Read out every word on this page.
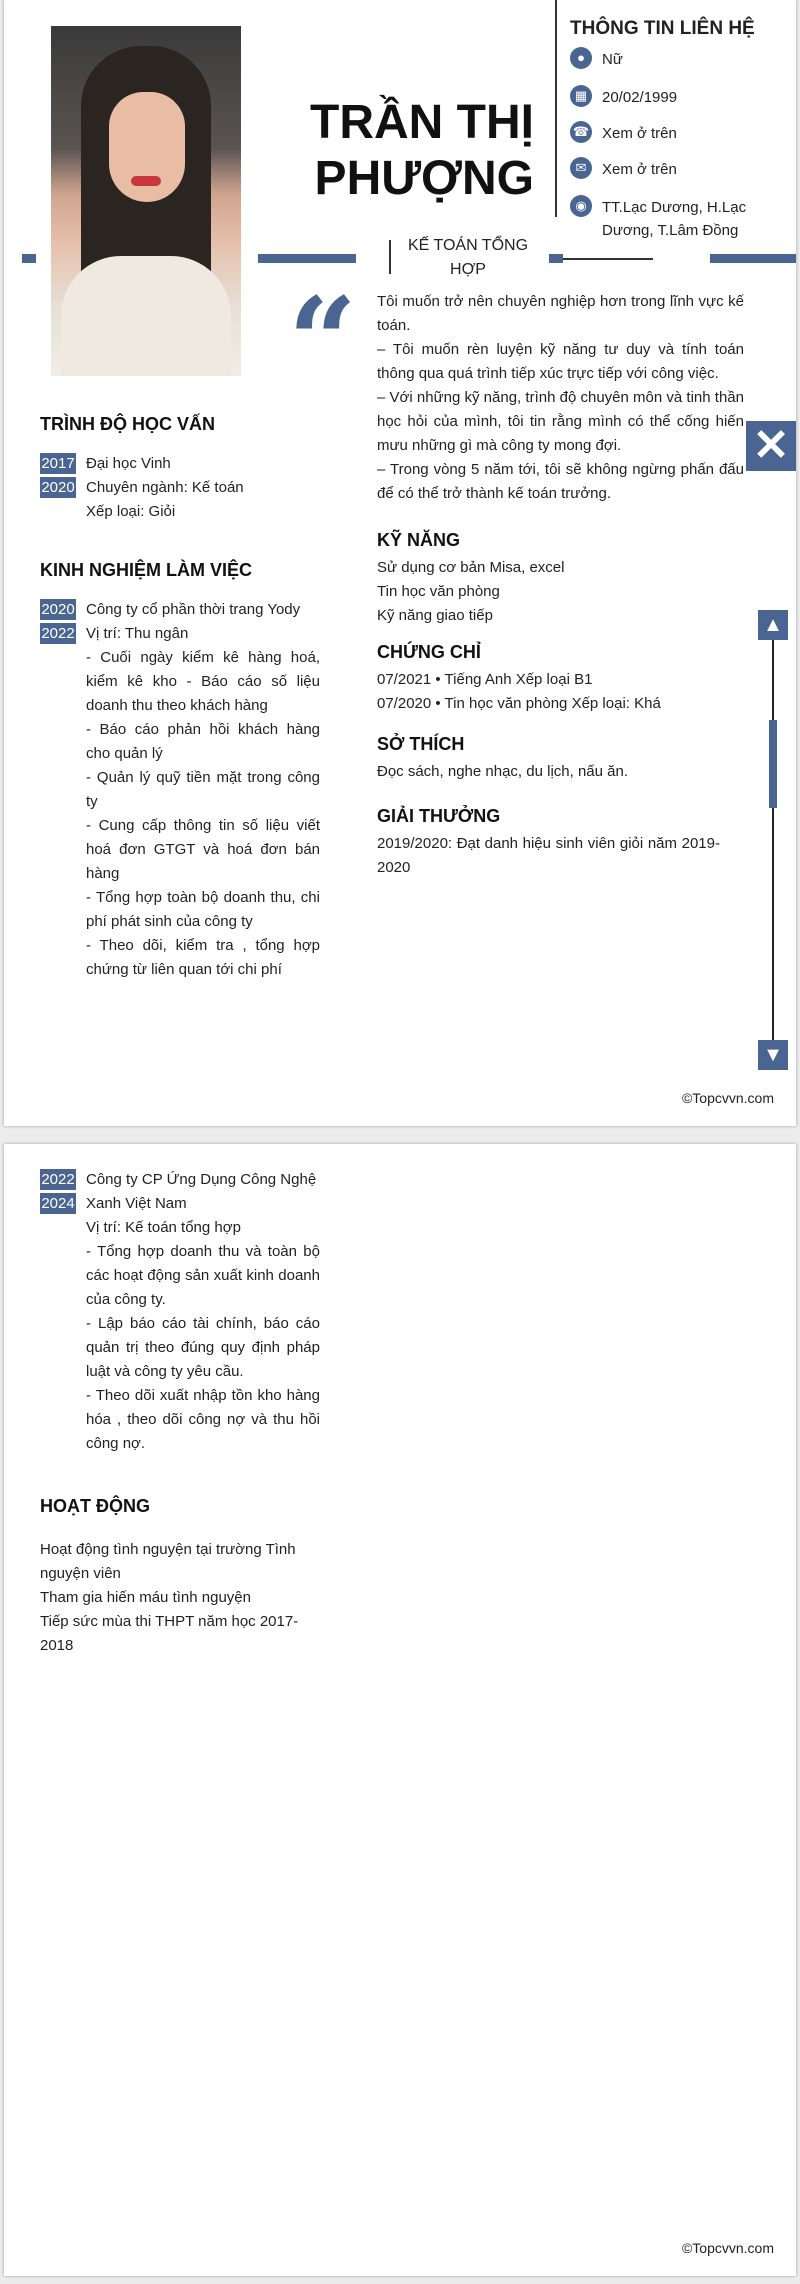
TRẦN THỊ
PHƯỢNG
THÔNG TIN LIÊN HỆ
●	Nữ
▦ 20/02/1999
☎ Xem ở trên
✉	Xem ở trên
◉	TT.Lạc Dương, H.Lạc Dương, T.Lâm Đồng
KẾ TOÁN TỔNG HỢP
“ Tôi muốn trở nên chuyên nghiệp hơn trong lĩnh vực kế toán.

– Tôi muốn rèn luyện kỹ năng tư duy và tính toán thông qua quá trình tiếp xúc trực tiếp với công việc.

– Với những kỹ năng, trình độ chuyên môn và tinh thần học hỏi của mình, tôi tin rằng mình có thể cống hiến mưu những gì mà công ty mong đợi.

– Trong vòng 5 năm tới, tôi sẽ không ngừng phấn đấu để có thể trở thành kế toán trưởng.

✕
TRÌNH ĐỘ HỌC VẤN
2017 Đại học Vinh
2020 Chuyên ngành: Kế toán
Xếp loại: Giỏi
KINH NGHIỆM LÀM VIỆC
2020 Công ty cổ phần thời trang Yody
2022 Vị trí: Thu ngân
- Cuối ngày kiểm kê hàng hoá, kiểm kê kho - Báo cáo số liệu doanh thu theo khách hàng
- Báo cáo phản hồi khách hàng cho quản lý
- Quản lý quỹ tiền mặt trong công ty
- Cung cấp thông tin số liệu viết hoá đơn GTGT và hoá đơn bán hàng
- Tổng hợp toàn bộ doanh thu, chi phí phát sinh của công ty
- Theo dõi, kiểm tra , tổng hợp chứng từ liên quan tới chi phí
KỸ NĂNG
Sử dụng cơ bản Misa, excel
Tin học văn phòng
Kỹ năng giao tiếp
CHỨNG CHỈ
07/2021 • Tiếng Anh Xếp loại B1
07/2020 • Tin học văn phòng Xếp loại: Khá
SỞ THÍCH
Đọc sách, nghe nhạc, du lịch, nấu ăn.
GIẢI THƯỞNG
2019/2020: Đạt danh hiệu sinh viên giỏi năm 2019-2020
▲
▼
©Topcvvn.com
2022 Công ty CP Ứng Dụng Công Nghệ Xanh Việt Nam
2024
Vị trí: Kế toán tổng hợp
- Tổng hợp doanh thu và toàn bộ các hoạt động sản xuất kinh doanh của công ty.
- Lập báo cáo tài chính, báo cáo quản trị theo đúng quy định pháp luật và công ty yêu cầu.
- Theo dõi xuất nhập tồn kho hàng hóa , theo dõi công nợ và thu hồi công nợ.
HOẠT ĐỘNG
Hoạt động tình nguyện tại trường Tình nguyện viên
Tham gia hiến máu tình nguyện
Tiếp sức mùa thi THPT năm học 2017-2018
©Topcvvn.com
